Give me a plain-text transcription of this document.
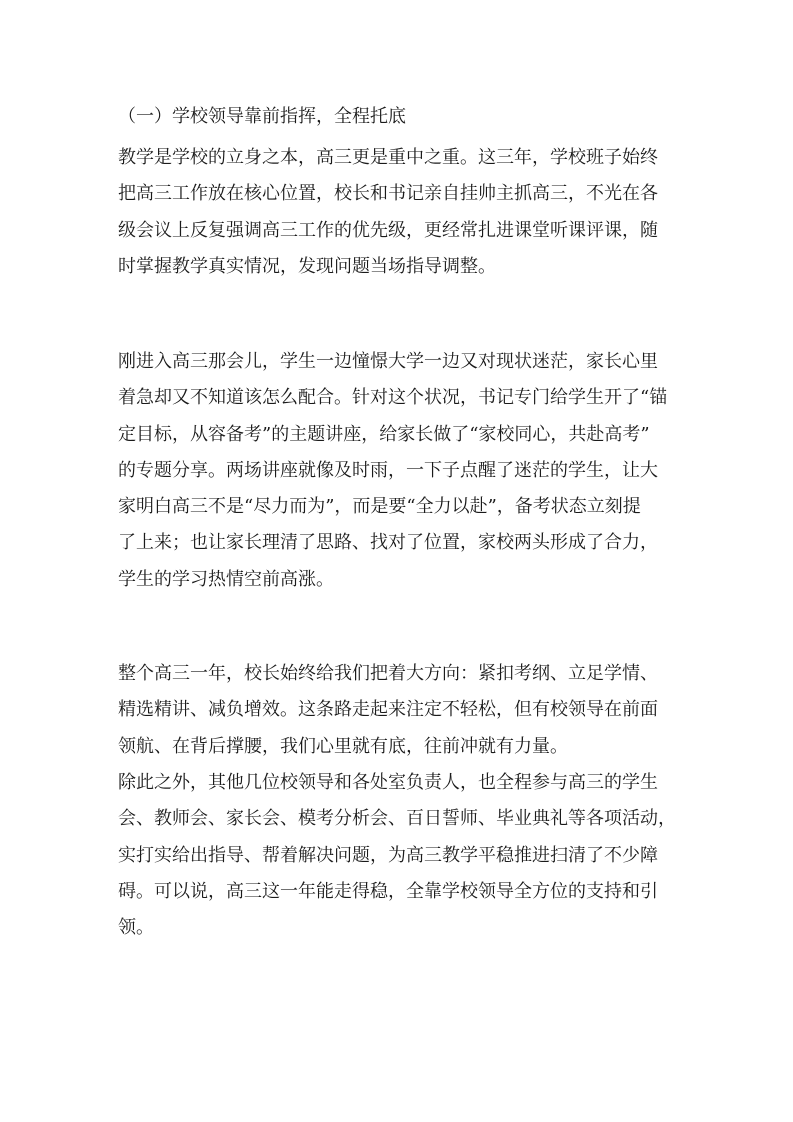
（一）学校领导靠前指挥，全程托底
教学是学校的立身之本，高三更是重中之重。这三年，学校班子始终
把高三工作放在核心位置，校长和书记亲自挂帅主抓高三，不光在各
级会议上反复强调高三工作的优先级，更经常扎进课堂听课评课，随
时掌握教学真实情况，发现问题当场指导调整。
刚进入高三那会儿，学生一边憧憬大学一边又对现状迷茫，家长心里
着急却又不知道该怎么配合。针对这个状况，书记专门给学生开了“锚
定目标，从容备考”的主题讲座，给家长做了“家校同心，共赴高考”
的专题分享。两场讲座就像及时雨，一下子点醒了迷茫的学生，让大
家明白高三不是“尽力而为”，而是要“全力以赴”，备考状态立刻提
了上来；也让家长理清了思路、找对了位置，家校两头形成了合力，
学生的学习热情空前高涨。
整个高三一年，校长始终给我们把着大方向：紧扣考纲、立足学情、
精选精讲、减负增效。这条路走起来注定不轻松，但有校领导在前面
领航、在背后撑腰，我们心里就有底，往前冲就有力量。
除此之外，其他几位校领导和各处室负责人，也全程参与高三的学生
会、教师会、家长会、模考分析会、百日誓师、毕业典礼等各项活动，
实打实给出指导、帮着解决问题，为高三教学平稳推进扫清了不少障
碍。可以说，高三这一年能走得稳，全靠学校领导全方位的支持和引
领。
